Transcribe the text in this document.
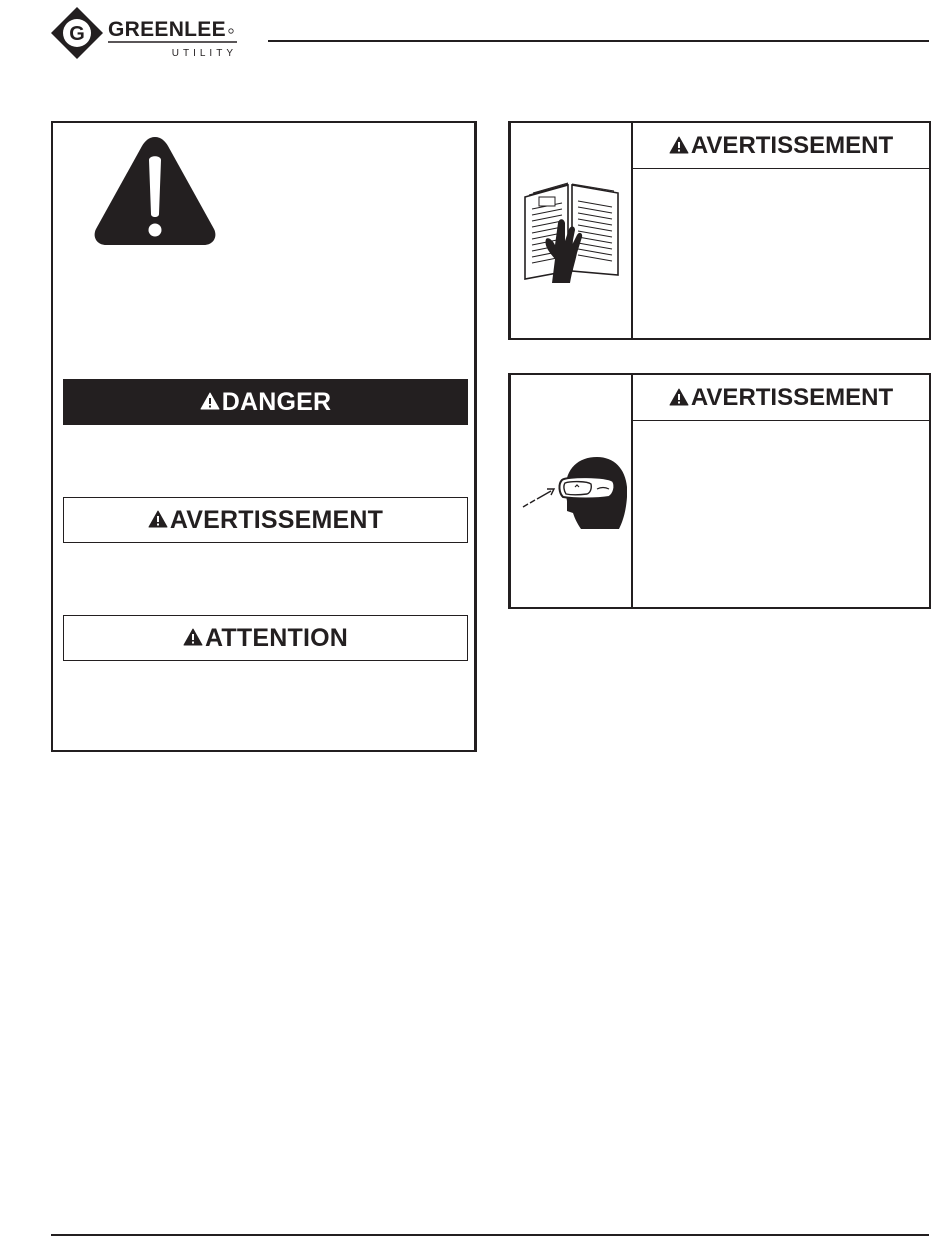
G GREENLEE
UTILITY
DANGER
AVERTISSEMENT
ATTENTION
AVERTISSEMENT
AVERTISSEMENT
